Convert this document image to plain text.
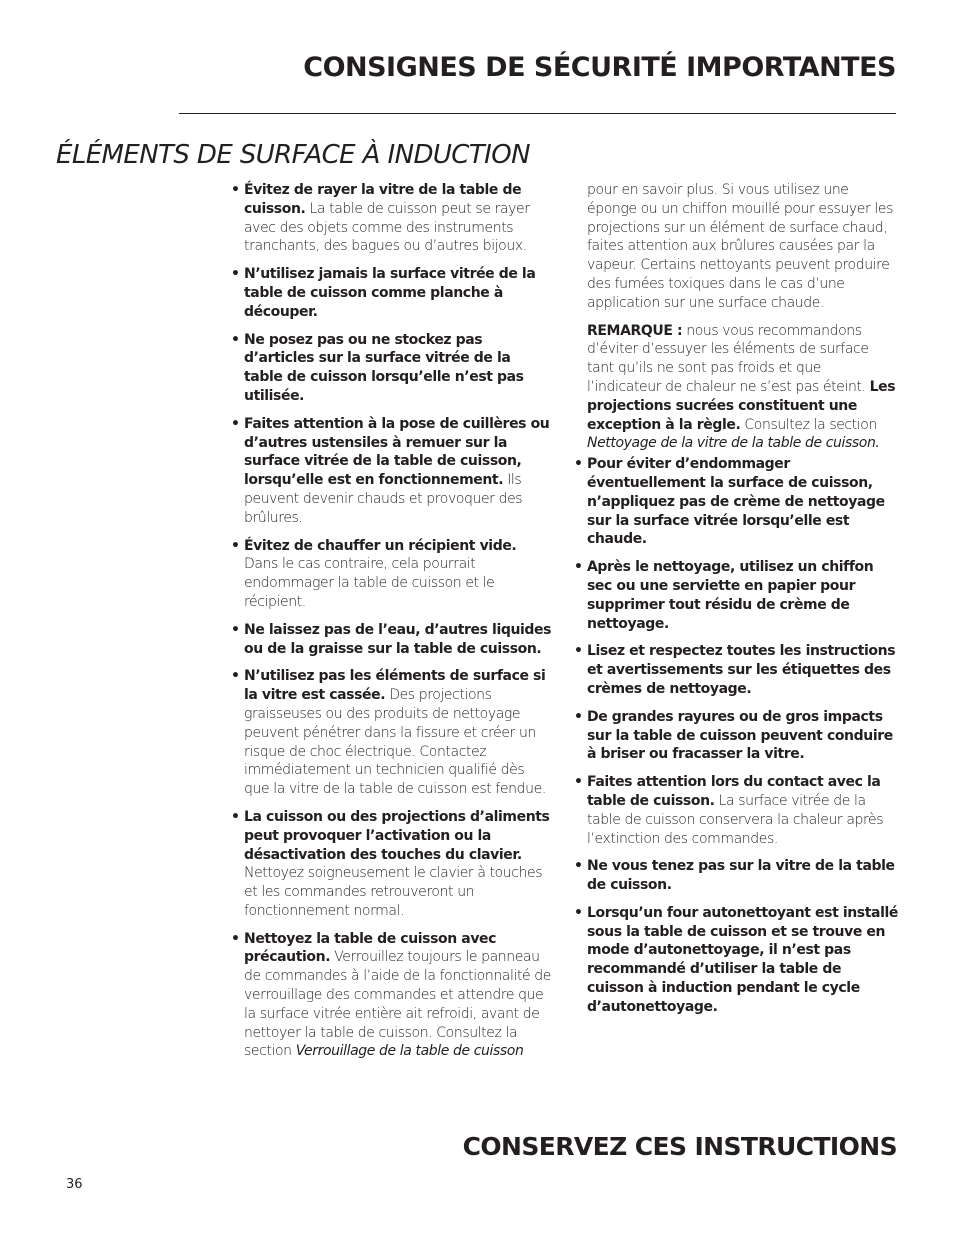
CONSIGNES DE SÉCURITÉ IMPORTANTES
ÉLÉMENTS DE SURFACE À INDUCTION

• Évitez de rayer la vitre de la table de cuisson. La table de cuisson peut se rayer avec des objets comme des instruments tranchants, des bagues ou d’autres bijoux.

• N’utilisez jamais la surface vitrée de la table de cuisson comme planche à découper.

• Ne posez pas ou ne stockez pas d’articles sur la surface vitrée de la table de cuisson lorsqu’elle n’est pas utilisée.

• Faites attention à la pose de cuillères ou d’autres ustensiles à remuer sur la surface vitrée de la table de cuisson, lorsqu’elle est en fonctionnement. Ils peuvent devenir chauds et provoquer des brûlures.

• Évitez de chauffer un récipient vide. Dans le cas contraire, cela pourrait endommager la table de cuisson et le récipient.

• Ne laissez pas de l’eau, d’autres liquides ou de la graisse sur la table de cuisson.

• N’utilisez pas les éléments de surface si la vitre est cassée. Des projections graisseuses ou des produits de nettoyage peuvent pénétrer dans la fissure et créer un risque de choc électrique. Contactez immédiatement un technicien qualifié dès que la vitre de la table de cuisson est fendue.

• La cuisson ou des projections d’aliments peut provoquer l’activation ou la désactivation des touches du clavier. Nettoyez soigneusement le clavier à touches et les commandes retrouveront un fonctionnement normal.

• Nettoyez la table de cuisson avec précaution. Verrouillez toujours le panneau de commandes à l’aide de la fonctionnalité de verrouillage des commandes et attendre que la surface vitrée entière ait refroidi, avant de nettoyer la table de cuisson. Consultez la section Verrouillage de la table de cuisson

pour en savoir plus. Si vous utilisez une éponge ou un chiffon mouillé pour essuyer les projections sur un élément de surface chaud, faites attention aux brûlures causées par la vapeur. Certains nettoyants peuvent produire des fumées toxiques dans le cas d’une application sur une surface chaude.

REMARQUE : nous vous recommandons d’éviter d’essuyer les éléments de surface tant qu’ils ne sont pas froids et que l’indicateur de chaleur ne s’est pas éteint. Les projections sucrées constituent une exception à la règle. Consultez la section Nettoyage de la vitre de la table de cuisson.

• Pour éviter d’endommager éventuellement la surface de cuisson, n’appliquez pas de crème de nettoyage sur la surface vitrée lorsqu’elle est chaude.

• Après le nettoyage, utilisez un chiffon sec ou une serviette en papier pour supprimer tout résidu de crème de nettoyage.

• Lisez et respectez toutes les instructions et avertissements sur les étiquettes des crèmes de nettoyage.

• De grandes rayures ou de gros impacts sur la table de cuisson peuvent conduire à briser ou fracasser la vitre.

• Faites attention lors du contact avec la table de cuisson. La surface vitrée de la table de cuisson conservera la chaleur après l’extinction des commandes.

• Ne vous tenez pas sur la vitre de la table de cuisson.

• Lorsqu’un four autonettoyant est installé sous la table de cuisson et se trouve en mode d’autonettoyage, il n’est pas recommandé d’utiliser la table de cuisson à induction pendant le cycle d’autonettoyage.

CONSERVEZ CES INSTRUCTIONS
36
